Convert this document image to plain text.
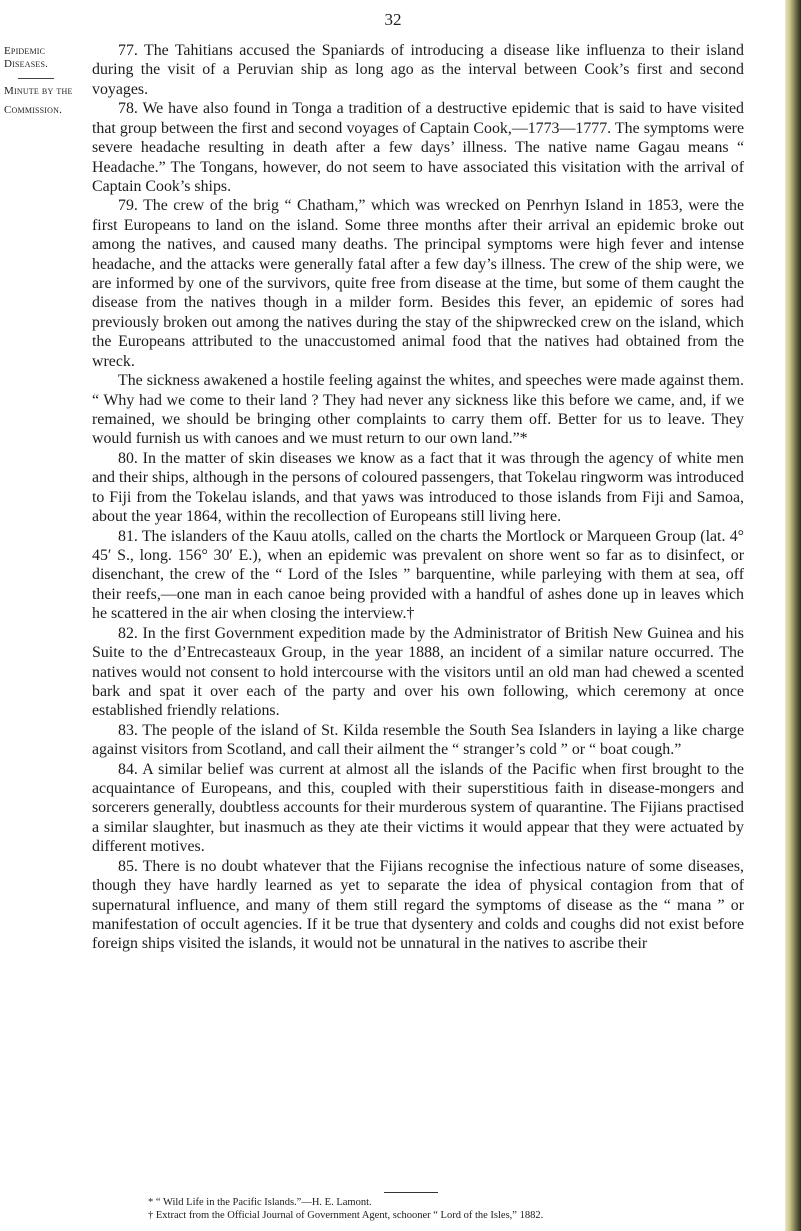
32
Epidemic
Diseases.
Minute by the
Commission.

77. The Tahitians accused the Spaniards of introducing a disease like influenza to their island during the visit of a Peruvian ship as long ago as the interval between Cook’s first and second voyages.

78. We have also found in Tonga a tradition of a destructive epidemic that is said to have visited that group between the first and second voyages of Captain Cook,—1773—1777. The symptoms were severe headache resulting in death after a few days’ illness. The native name Gagau means “ Headache.” The Tongans, however, do not seem to have associated this visitation with the arrival of Captain Cook’s ships.

79. The crew of the brig “ Chatham,” which was wrecked on Penrhyn Island in 1853, were the first Europeans to land on the island. Some three months after their arrival an epidemic broke out among the natives, and caused many deaths. The principal symptoms were high fever and intense headache, and the attacks were generally fatal after a few day’s illness. The crew of the ship were, we are informed by one of the survivors, quite free from disease at the time, but some of them caught the disease from the natives though in a milder form. Besides this fever, an epidemic of sores had previously broken out among the natives during the stay of the shipwrecked crew on the island, which the Europeans attributed to the unaccustomed animal food that the natives had obtained from the wreck.

The sickness awakened a hostile feeling against the whites, and speeches were made against them. “ Why had we come to their land ? They had never any sickness like this before we came, and, if we remained, we should be bringing other complaints to carry them off. Better for us to leave. They would furnish us with canoes and we must return to our own land.”*

80. In the matter of skin diseases we know as a fact that it was through the agency of white men and their ships, although in the persons of coloured passengers, that Tokelau ringworm was introduced to Fiji from the Tokelau islands, and that yaws was introduced to those islands from Fiji and Samoa, about the year 1864, within the recollection of Europeans still living here.

81. The islanders of the Kauu atolls, called on the charts the Mortlock or Marqueen Group (lat. 4° 45′ S., long. 156° 30′ E.), when an epidemic was prevalent on shore went so far as to disinfect, or disenchant, the crew of the “ Lord of the Isles ” barquentine, while parleying with them at sea, off their reefs,—one man in each canoe being provided with a handful of ashes done up in leaves which he scattered in the air when closing the interview.†

82. In the first Government expedition made by the Administrator of British New Guinea and his Suite to the d’Entrecasteaux Group, in the year 1888, an incident of a similar nature occurred. The natives would not consent to hold intercourse with the visitors until an old man had chewed a scented bark and spat it over each of the party and over his own following, which ceremony at once established friendly relations.

83. The people of the island of St. Kilda resemble the South Sea Islanders in laying a like charge against visitors from Scotland, and call their ailment the “ stranger’s cold ” or “ boat cough.”

84. A similar belief was current at almost all the islands of the Pacific when first brought to the acquaintance of Europeans, and this, coupled with their superstitious faith in disease-mongers and sorcerers generally, doubtless accounts for their murderous system of quarantine. The Fijians practised a similar slaughter, but inasmuch as they ate their victims it would appear that they were actuated by different motives.

85. There is no doubt whatever that the Fijians recognise the infectious nature of some diseases, though they have hardly learned as yet to separate the idea of physical contagion from that of supernatural influence, and many of them still regard the symptoms of disease as the “ mana ” or manifestation of occult agencies. If it be true that dysentery and colds and coughs did not exist before foreign ships visited the islands, it would not be unnatural in the natives to ascribe their

* “ Wild Life in the Pacific Islands.”—H. E. Lamont.
† Extract from the Official Journal of Government Agent, schooner “ Lord of the Isles,” 1882.
